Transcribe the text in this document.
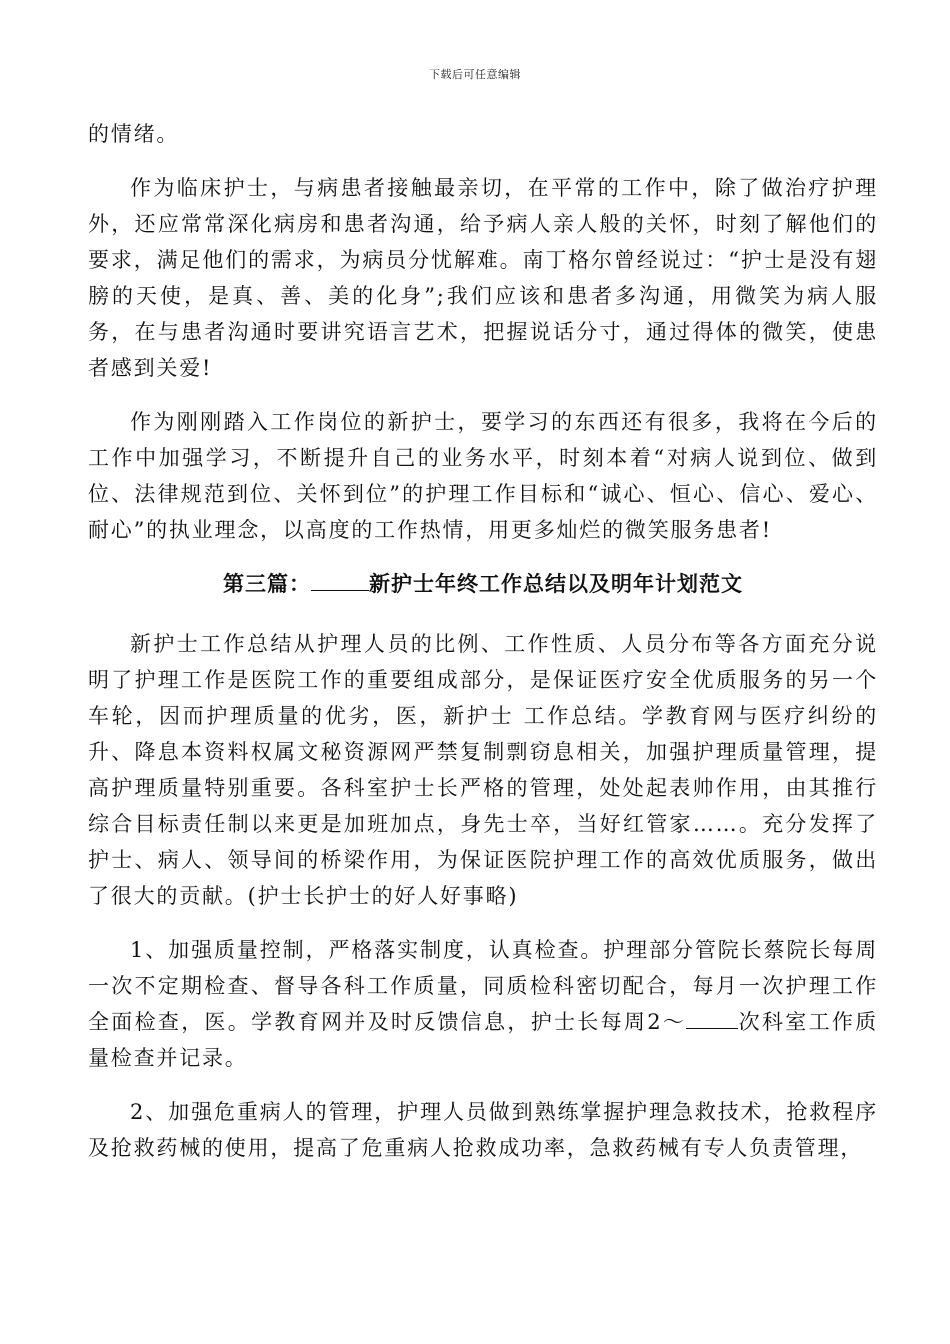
下载后可任意编辑

的情绪。

作为临床护士，与病患者接触最亲切，在平常的工作中，除了做治疗护理外，还应常常深化病房和患者沟通，给予病人亲人般的关怀，时刻了解他们的要求，满足他们的需求，为病员分忧解难。南丁格尔曾经说过：“护士是没有翅膀的天使，是真、善、美的化身”;我们应该和患者多沟通，用微笑为病人服务，在与患者沟通时要讲究语言艺术，把握说话分寸，通过得体的微笑，使患者感到关爱!

作为刚刚踏入工作岗位的新护士，要学习的东西还有很多，我将在今后的工作中加强学习，不断提升自己的业务水平，时刻本着“对病人说到位、做到位、法律规范到位、关怀到位”的护理工作目标和“诚心、恒心、信心、爱心、耐心”的执业理念，以高度的工作热情，用更多灿烂的微笑服务患者!

第三篇：	新护士年终工作总结以及明年计划范文

新护士工作总结从护理人员的比例、工作性质、人员分布等各方面充分说明了护理工作是医院工作的重要组成部分，是保证医疗安全优质服务的另一个车轮，因而护理质量的优劣，医，新护士 工作总结。学教育网与医疗纠纷的升、降息本资料权属文秘资源网严禁复制剽窃息相关，加强护理质量管理，提高护理质量特别重要。各科室护士长严格的管理，处处起表帅作用，由其推行综合目标责任制以来更是加班加点，身先士卒，当好红管家……。充分发挥了护士、病人、领导间的桥梁作用，为保证医院护理工作的高效优质服务，做出了很大的贡献。(护士长护士的好人好事略)

1、加强质量控制，严格落实制度，认真检查。护理部分管院长蔡院长每周一次不定期检查、督导各科工作质量，同质检科密切配合，每月一次护理工作全面检查，医。学教育网并及时反馈信息，护士长每周2～ 次科室工作质量检查并记录。

2、加强危重病人的管理，护理人员做到熟练掌握护理急救技术，抢救程序及抢救药械的使用，提高了危重病人抢救成功率，急救药械有专人负责管理，
